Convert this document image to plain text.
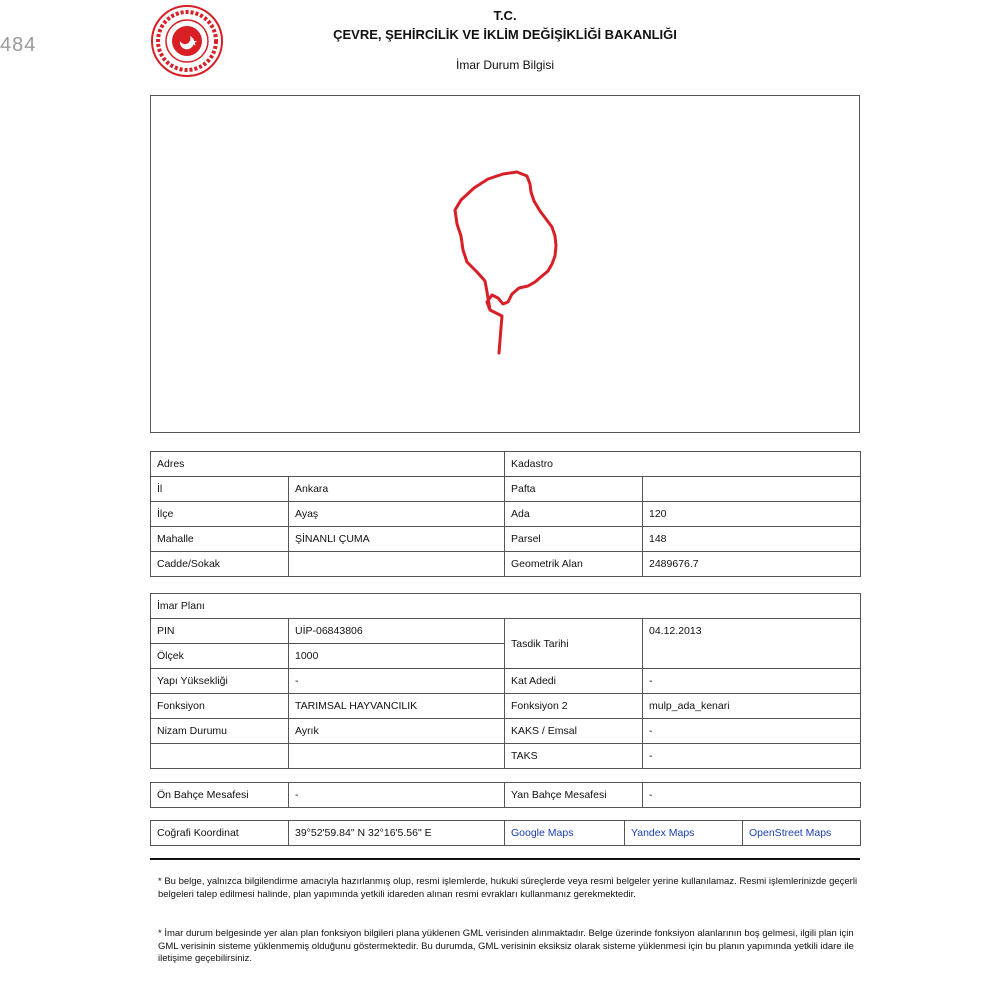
484
T.C.
ÇEVRE, ŞEHİRCİLİK VE İKLİM DEĞİŞİKLİĞİ BAKANLIĞI
İmar Durum Bilgisi
Adres		Kadastro	
İl	Ankara	Pafta	
İlçe	Ayaş	Ada	120
Mahalle	ŞİNANLI ÇUMA	Parsel	148
Cadde/Sokak		Geometrik Alan	2489676.7
İmar Planı			
PIN	UİP-06843806	Tasdik Tarihi	04.12.2013
Ölçek	1000		
Yapı Yüksekliği	-	Kat Adedi	-
Fonksiyon	TARIMSAL HAYVANCILIK	Fonksiyon 2	mulp_ada_kenari
Nizam Durumu	Ayrık	KAKS / Emsal	-
		TAKS	-
Ön Bahçe Mesafesi	-	Yan Bahçe Mesafesi	-
Coğrafi Koordinat	39°52'59.84" N 32°16'5.56" E	Google Maps	Yandex Maps	OpenStreet Maps
* Bu belge, yalnızca bilgilendirme amacıyla hazırlanmış olup, resmi işlemlerde, hukuki süreçlerde veya resmi belgeler yerine kullanılamaz. Resmi işlemlerinizde geçerli belgeleri talep edilmesi halinde, plan yapımında yetkili idareden alınan resmi evrakları kullanmanız gerekmektedir.
* İmar durum belgesinde yer alan plan fonksiyon bilgileri plana yüklenen GML verisinden alınmaktadır. Belge üzerinde fonksiyon alanlarının boş gelmesi, ilgili plan için GML verisinin sisteme yüklenmemiş olduğunu göstermektedir. Bu durumda, GML verisinin eksiksiz olarak sisteme yüklenmesi için bu planın yapımında yetkili idare ile iletişime geçebilirsiniz.
